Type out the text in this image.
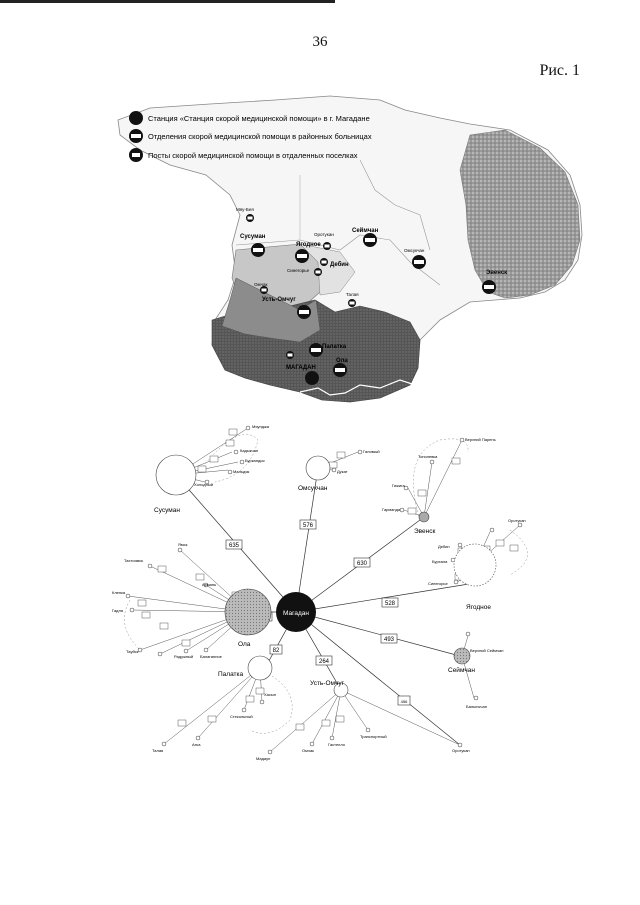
36
Рис. 1
Мяу-Бея
Сусуман	Оротукан
Сеймчан
Ягодное
Дебин
Омсукчан
Синегорье	Эвенск
Омчак
Талая
Усть-Омчуг
Палатка
Ола
МАГАДАН
Станция «Станция скорой медицинской помощи» в г. Магадане
Отделения скорой медицинской помощи в районных больницах
Посты скорой медицинской помощи в отдаленных поселках
635
576
630
528
493
264
82
456
Сусуман
Омсукчан
Эвенск
Ягодное
Сеймчан
Усть-Омчуг
Палатка
Ола
Магадан
Мяунджа
Кадыкчан
Холодный
Буркандья
Мальдяк
Галимый
Дукат
Верхний Парень
Тополевка
Гижига
Гарманда
Дебин
Бурхала
Синегорье
Оротукан
Верхний Сеймчан
Балыгычан
Мадаун
Омчак
Гастелло
Транспортный
Талая
Атка
Стекольный
Хасын
Тахтоямск
Ямск
Клепка
Гадля
Армань
Тауйск
Радужный Балаганное
Оротукан
